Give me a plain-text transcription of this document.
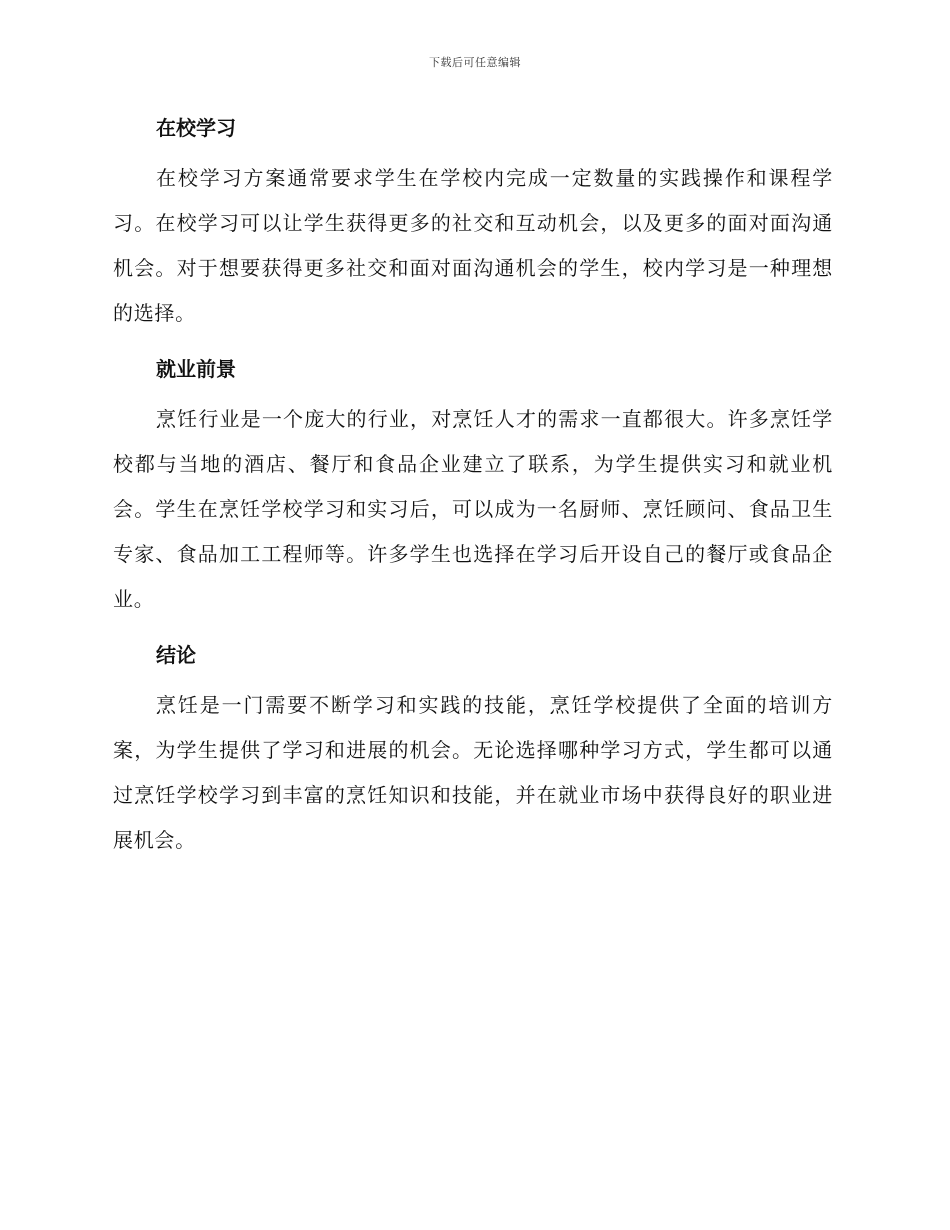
下载后可任意编辑
在校学习

在校学习方案通常要求学生在学校内完成一定数量的实践操作和课程学习。在校学习可以让学生获得更多的社交和互动机会，以及更多的面对面沟通机会。对于想要获得更多社交和面对面沟通机会的学生，校内学习是一种理想的选择。

就业前景

烹饪行业是一个庞大的行业，对烹饪人才的需求一直都很大。许多烹饪学校都与当地的酒店、餐厅和食品企业建立了联系，为学生提供实习和就业机会。学生在烹饪学校学习和实习后，可以成为一名厨师、烹饪顾问、食品卫生专家、食品加工工程师等。许多学生也选择在学习后开设自己的餐厅或食品企业。

结论

烹饪是一门需要不断学习和实践的技能，烹饪学校提供了全面的培训方案，为学生提供了学习和进展的机会。无论选择哪种学习方式，学生都可以通过烹饪学校学习到丰富的烹饪知识和技能，并在就业市场中获得良好的职业进展机会。
